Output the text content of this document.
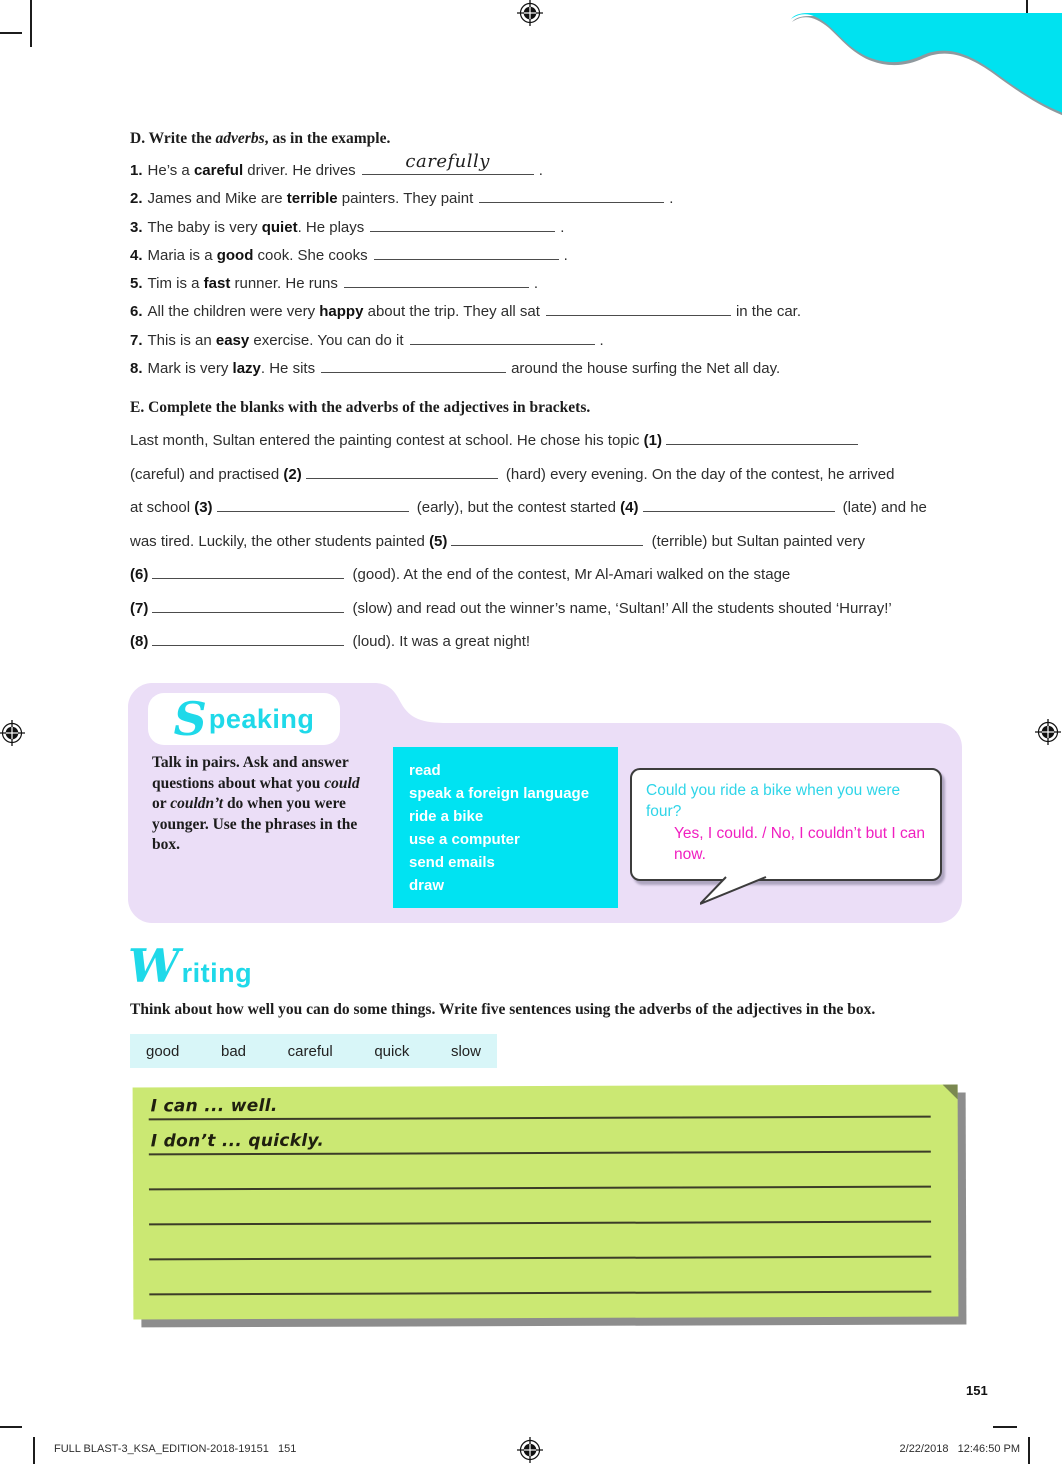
D. Write the adverbs, as in the example.
1. He’s a careful driver. He drives	carefully	.
2. James and Mike are terrible painters. They paint	.
3. The baby is very quiet. He plays	.
4. Maria is a good cook. She cooks	.
5. Tim is a fast runner. He runs	.
6. All the children were very happy about the trip. They all sat	in the car.
7. This is an easy exercise. You can do it	.
8. Mark is very lazy. He sits	around the house surfing the Net all day.
E. Complete the blanks with the adverbs of the adjectives in brackets.
Last month, Sultan entered the painting contest at school. He chose his topic (1)
(careful) and practised (2)	(hard) every evening. On the day of the contest, he arrived
at school (3)	(early), but the contest started (4)	(late) and he
was tired. Luckily, the other students painted (5)	(terrible) but Sultan painted very
(6)	(good). At the end of the contest, Mr Al-Amari walked on the stage
(7)	(slow) and read out the winner’s name, ‘Sultan!’ All the students shouted ‘Hurray!’
(8)	(loud). It was a great night!
S peaking
Talk in pairs. Ask and answer questions about what you could or couldn’t do when you were younger. Use the phrases in the box.
read
speak a foreign language
ride a bike
use a computer
send emails
draw
Could you ride a bike when you were four?
Yes, I could. / No, I couldn’t but I can now.
W riting
Think about how well you can do some things. Write five sentences using the adverbs of the adjectives in the box.
good	bad	careful	quick	slow
I can ... well.
I don’t ... quickly.
151
FULL BLAST-3_KSA_EDITION-2018-19151   151	2/22/2018   12:46:50 PM
